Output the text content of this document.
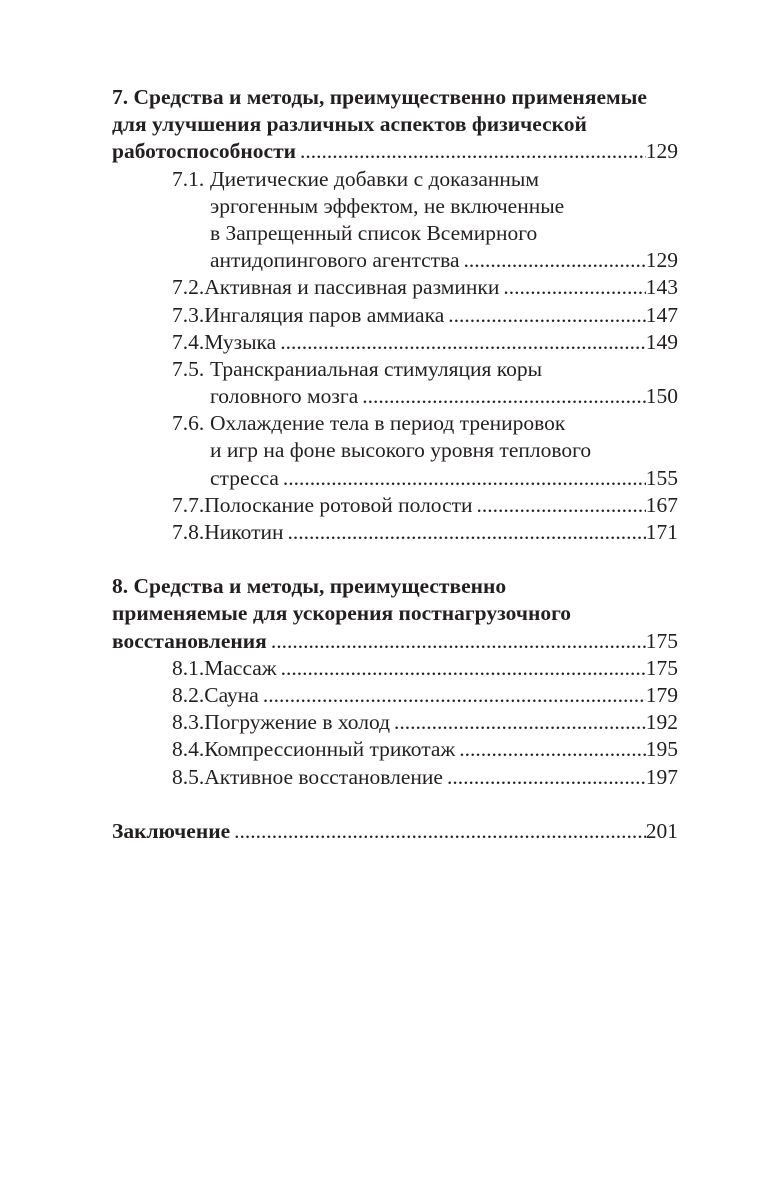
7. Средства и методы, преимущественно применяемые
для улучшения различных аспектов физической
работоспособности .....	129
7.1. Диетические добавки с доказанным
эргогенным эффектом, не включенные
в Запрещенный список Всемирного
антидопингового агентства .....	129
7.2. Активная и пассивная разминки .....	143
7.3. Ингаляция паров аммиака .....	147
7.4. Музыка .....	149
7.5. Транскраниальная стимуляция коры
головного мозга .....	150
7.6. Охлаждение тела в период тренировок
и игр на фоне высокого уровня теплового
стресса .....	155
7.7. Полоскание ротовой полости .....	167
7.8. Никотин .....	171
8. Средства и методы, преимущественно
применяемые для ускорения постнагрузочного
восстановления .....	175
8.1. Массаж .....	175
8.2. Сауна .....	179
8.3. Погружение в холод .....	192
8.4. Компрессионный трикотаж .....	195
8.5. Активное восстановление .....	197
Заключение .....	201
